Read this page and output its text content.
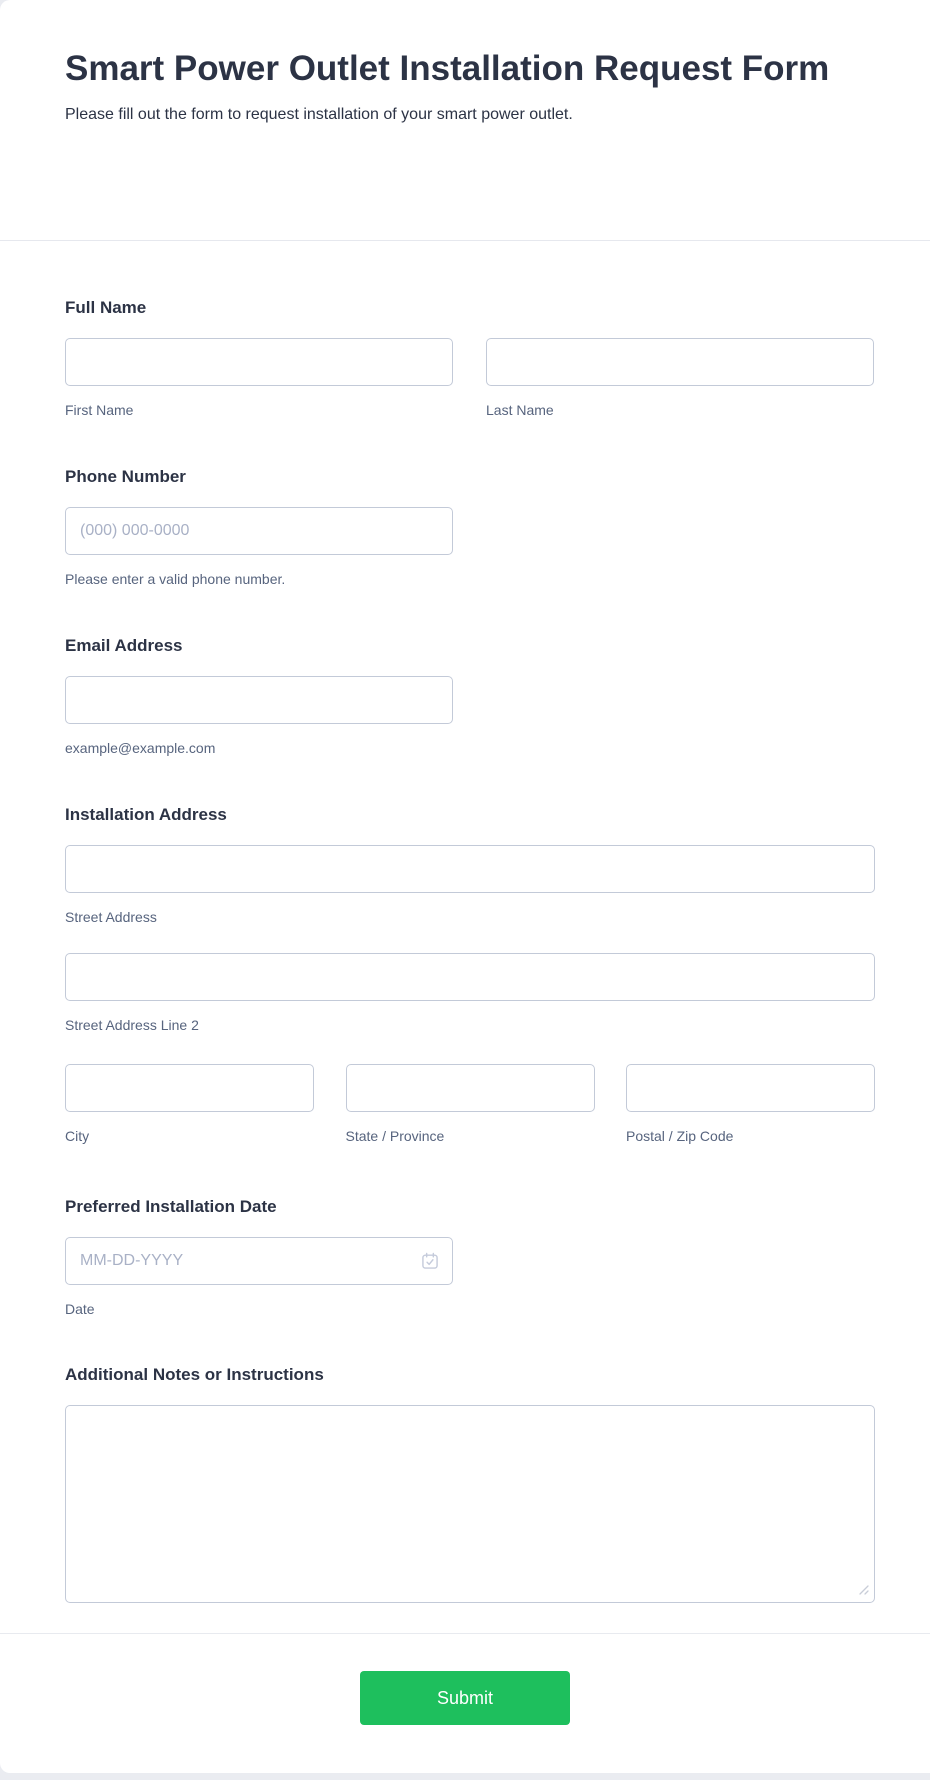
Smart Power Outlet Installation Request Form

Please fill out the form to request installation of your smart power outlet.

Full Name
First Name	Last Name
Phone Number
(000) 000-0000
Please enter a valid phone number.
Email Address
example@example.com
Installation Address
Street Address
Street Address Line 2
City	State / Province	Postal / Zip Code
Preferred Installation Date
MM-DD-YYYY
Date
Additional Notes or Instructions
Submit
